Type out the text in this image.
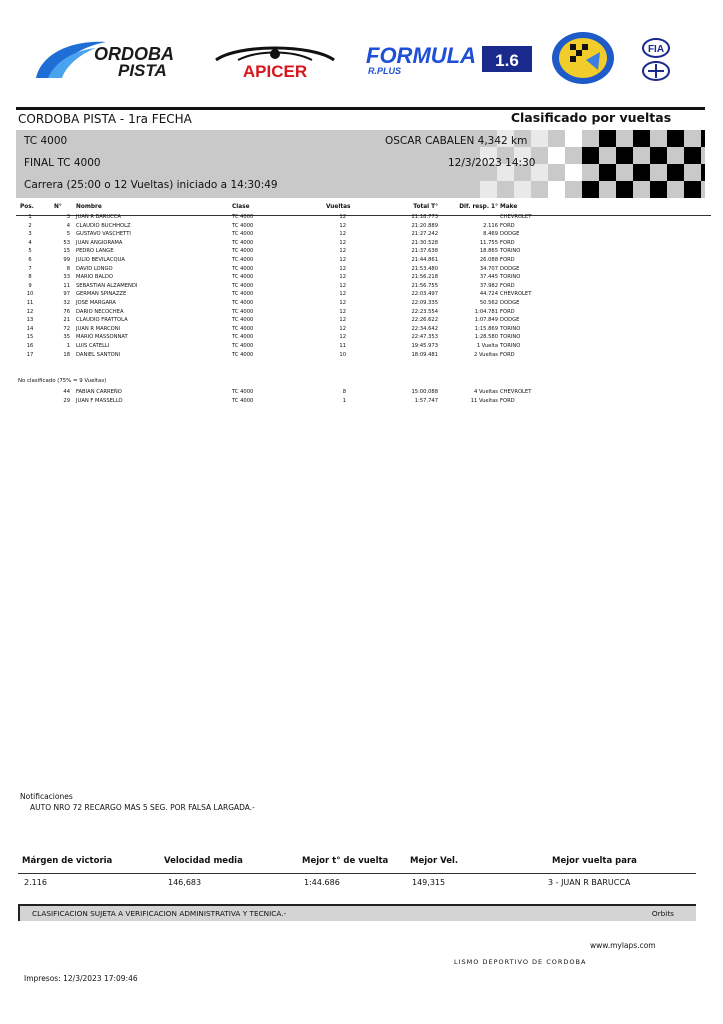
ORDOBA
PISTA	APICER
FORMULA
R.PLUS
1.6
FIA
CORDOBA PISTA - 1ra FECHA	Clasificado por vueltas
TC 4000	OSCAR CABALEN 4,342 km
FINAL TC 4000	12/3/2023 14:30
Carrera (25:00 o 12 Vueltas) iniciado a 14:30:49
Pos.	N°	Nombre	Clase	Vueltas	Total T°	Dif. resp. 1° Make
1	3 JUAN R BARUCCA	TC 4000	12	21:18.773	CHEVROLET
2	4 CLAUDIO BUCHHOLZ	TC 4000	12	21:20.889	2.116 FORD
3	5 GUSTAVO VASCHETTI	TC 4000	12	21:27.242	8.469 DODGE
4	53 JUAN ANGIORAMA	TC 4000	12	21:30.528	11.755 FORD
5	15 PEDRO LANGE	TC 4000	12	21:37.638	18.865 TORINO
6	99 JULIO BEVILACQUA	TC 4000	12	21:44.861	26.088 FORD
7	8 DAVID LONGO	TC 4000	12	21:53.480	34.707 DODGE
8	33 MARIO BALDO	TC 4000	12	21:56.218	37.445 TORINO
9	11 SEBASTIAN ALZAMENDI	TC 4000	12	21:56.755	37.982 FORD
10	97 GERMAN SPINAZZE	TC 4000	12	22:03.497	44.724 CHEVROLET
11	32 JOSE MARGARA	TC 4000	12	22:09.335	50.562 DODGE
12	76 DARIO NECOCHEA	TC 4000	12	22:23.554	1:04.781 FORD
13	21 CLAUDIO FRATTOLA	TC 4000	12	22:26.622	1:07.849 DODGE
14	72 JUAN R MARCONI	TC 4000	12	22:34.642	1:15.869 TORINO
15	35 MARIO MASSONNAT	TC 4000	12	22:47.353	1:28.580 TORINO
16	1 LUIS CATELLI	TC 4000	11	19:45.973	1 Vuelta TORINO
17	18 DANIEL SANTONI	TC 4000	10	18:09.481	2 Vueltas FORD
44 FABIAN CARREÑO	TC 4000	8	15:00.088	4 Vueltas CHEVROLET
29 JUAN F MASSELLO	TC 4000	1	1:57.747	11 Vueltas FORD
No clasificado (75% = 9 Vueltas)
Notificaciones
AUTO NRO 72 RECARGO MAS 5 SEG. POR FALSA LARGADA.-
Márgen de victoria	Velocidad media	Mejor t° de vuelta	Mejor Vel.	Mejor vuelta para
2.116	146,683	1:44.686	149,315	3 - JUAN R BARUCCA
CLASIFICACION SUJETA A VERIFICACION ADMINISTRATIVA Y TECNICA.-	Orbits
www.mylaps.com
LISMO DEPORTIVO DE CORDOBA
Impresos: 12/3/2023 17:09:46
